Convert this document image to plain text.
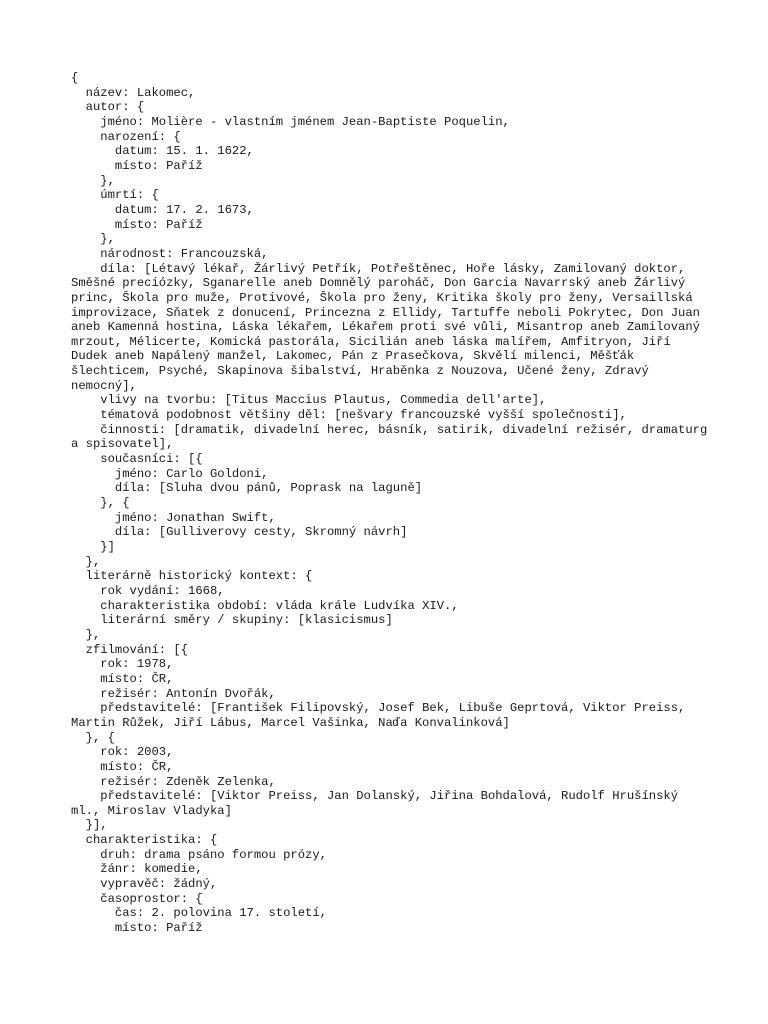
{
název: Lakomec,
autor: {
jméno: Molière - vlastním jménem Jean-Baptiste Poquelin,
narození: {
datum: 15. 1. 1622,
místo: Paříž
},
úmrtí: {
datum: 17. 2. 1673,
místo: Paříž
},
národnost: Francouzská,
díla: [Létavý lékař, Žárlivý Petřík, Potřeštěnec, Hoře lásky, Zamilovaný doktor, Směšné preciózky, Sganarelle aneb Domnělý paroháč, Don Garcia Navarrský aneb Žárlivý princ, Škola pro muže, Protivové, Škola pro ženy, Kritika školy pro ženy, Versaillská improvizace, Sňatek z donucení, Princezna z Ellidy, Tartuffe neboli Pokrytec, Don Juan aneb Kamenná hostina, Láska lékařem, Lékařem proti své vůli, Misantrop aneb Zamilovaný mrzout, Mélicerte, Komická pastorála, Sicilián aneb láska malířem, Amfitryon, Jiří Dudek aneb Napálený manžel, Lakomec, Pán z Prasečkova, Skvělí milenci, Měšťák šlechticem, Psyché, Skapinova šibalství, Hraběnka z Nouzova, Učené ženy, Zdravý nemocný],
vlivy na tvorbu: [Titus Maccius Plautus, Commedia dell'arte],
tématová podobnost většiny děl: [nešvary francouzské vyšší společnosti],
činnosti: [dramatik, divadelní herec, básník, satirik, divadelní režisér, dramaturg a spisovatel],
současníci: [{
jméno: Carlo Goldoni,
díla: [Sluha dvou pánů, Poprask na laguně]
}, {
jméno: Jonathan Swift,
díla: [Gulliverovy cesty, Skromný návrh]
}]
},
literárně historický kontext: {
rok vydání: 1668,
charakteristika období: vláda krále Ludvíka XIV.,
literární směry / skupiny: [klasicismus]
},
zfilmování: [{
rok: 1978,
místo: ČR,
režisér: Antonín Dvořák,
představitelé: [František Filipovský, Josef Bek, Libuše Geprtová, Viktor Preiss, Martin Růžek, Jiří Lábus, Marcel Vašinka, Naďa Konvalinková]
}, {
rok: 2003,
místo: ČR,
režisér: Zdeněk Zelenka,
představitelé: [Viktor Preiss, Jan Dolanský, Jiřina Bohdalová, Rudolf Hrušínský ml., Miroslav Vladyka]
}],
charakteristika: {
druh: drama psáno formou prózy,
žánr: komedie,
vypravěč: žádný,
časoprostor: {
čas: 2. polovina 17. století,
místo: Paříž
